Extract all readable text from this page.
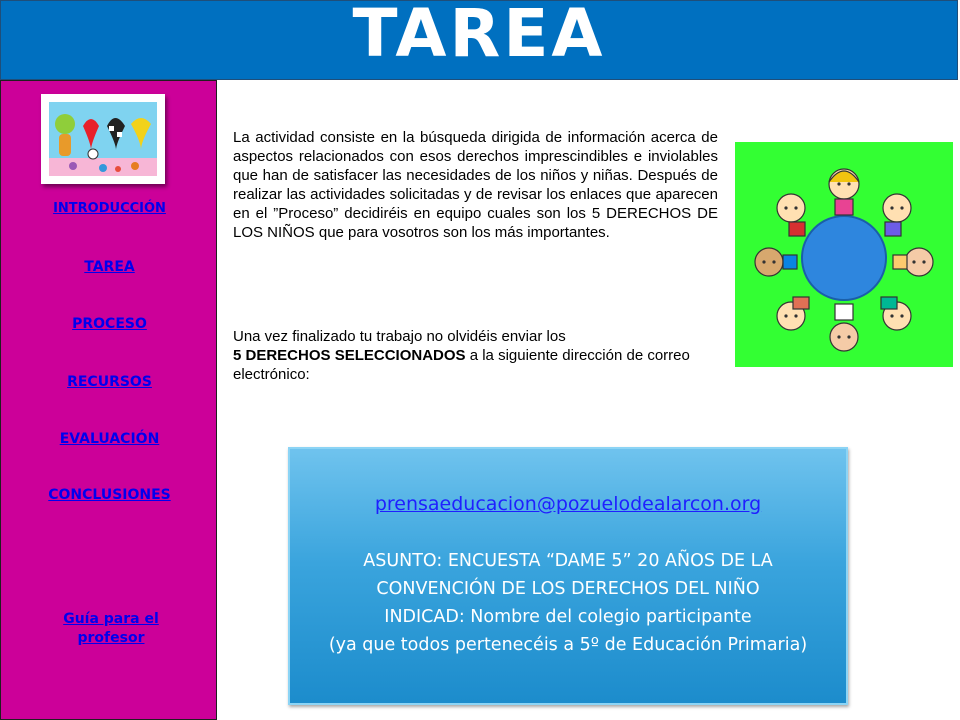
TAREA
INTRODUCCIÓN
TAREA
PROCESO
RECURSOS
EVALUACIÓN
CONCLUSIONES
Guía para el
profesor
La actividad consiste en la búsqueda dirigida de información acerca de aspectos relacionados con esos derechos imprescindibles e inviolables que han de satisfacer las necesidades de los niños y niñas. Después de realizar las actividades solicitadas y de revisar los enlaces que aparecen en el ”Proceso” decidiréis en equipo cuales son los 5 DERECHOS DE LOS NIÑOS que para vosotros son los más importantes.
Una vez finalizado tu trabajo no olvidéis enviar los
5 DERECHOS SELECCIONADOS a la siguiente dirección de correo electrónico:
prensaeducacion@pozuelodealarcon.org
ASUNTO: ENCUESTA “DAME 5” 20 AÑOS DE LA
CONVENCIÓN DE LOS DERECHOS DEL NIÑO
INDICAD: Nombre del colegio participante
(ya que todos pertenecéis a 5º de Educación Primaria)
